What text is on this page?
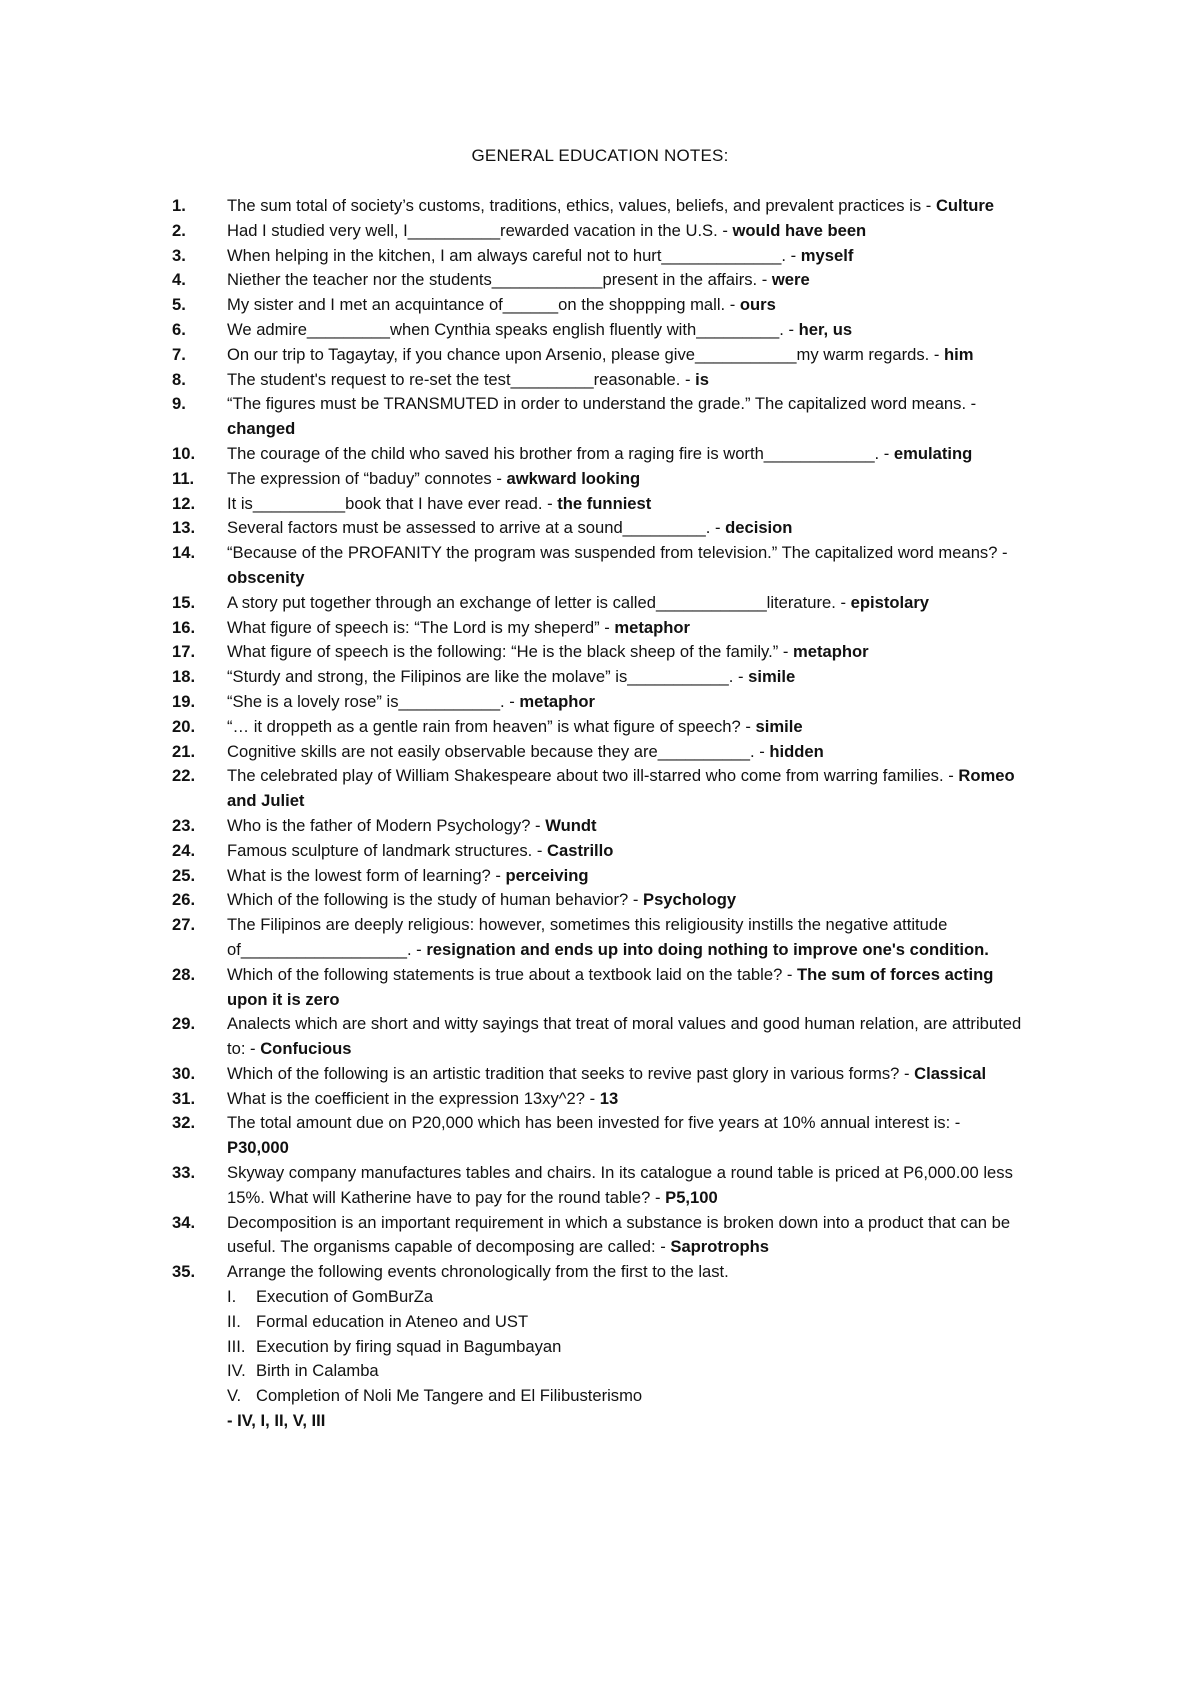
GENERAL EDUCATION NOTES:
1.	The sum total of society’s customs, traditions, ethics, values, beliefs, and prevalent practices is - Culture
2.	Had I studied very well, I__________rewarded vacation in the U.S. - would have been
3.	When helping in the kitchen, I am always careful not to hurt_____________. - myself
4.	Niether the teacher nor the students____________present in the affairs. - were
5.	My sister and I met an acquintance of______on the shoppping mall. - ours
6.	We admire_________when Cynthia speaks english fluently with_________. - her, us
7.	On our trip to Tagaytay, if you chance upon Arsenio, please give___________my warm regards. - him
8.	The student's request to re-set the test_________reasonable. - is
9.	“The figures must be TRANSMUTED in order to understand the grade.” The capitalized word means. - changed
10.	The courage of the child who saved his brother from a raging fire is worth____________. - emulating
11.	The expression of “baduy” connotes - awkward looking
12.	It is__________book that I have ever read. - the funniest
13.	Several factors must be assessed to arrive at a sound_________. - decision
14.	“Because of the PROFANITY the program was suspended from television.” The capitalized word means? - obscenity
15.	A story put together through an exchange of letter is called____________literature. - epistolary
16.	What figure of speech is: “The Lord is my sheperd” - metaphor
17.	What figure of speech is the following: “He is the black sheep of the family.” - metaphor
18.	“Sturdy and strong, the Filipinos are like the molave” is___________. - simile
19.	“She is a lovely rose” is___________. - metaphor
20.	“… it droppeth as a gentle rain from heaven” is what figure of speech? - simile
21.	Cognitive skills are not easily observable because they are__________. - hidden
22.	The celebrated play of William Shakespeare about two ill-starred who come from warring families. - Romeo and Juliet
23.	Who is the father of Modern Psychology? - Wundt
24.	Famous sculpture of landmark structures. - Castrillo
25.	What is the lowest form of learning? - perceiving
26.	Which of the following is the study of human behavior? - Psychology
27.	The Filipinos are deeply religious: however, sometimes this religiousity instills the negative attitude of__________________. - resignation and ends up into doing nothing to improve one's condition.
28.	Which of the following statements is true about a textbook laid on the table? - The sum of forces acting upon it is zero
29.	Analects which are short and witty sayings that treat of moral values and good human relation, are attributed to: - Confucious
30.	Which of the following is an artistic tradition that seeks to revive past glory in various forms? - Classical
31.	What is the coefficient in the expression 13xy^2? - 13
32.	The total amount due on P20,000 which has been invested for five years at 10% annual interest is: - P30,000
33.	Skyway company manufactures tables and chairs. In its catalogue a round table is priced at P6,000.00 less 15%. What will Katherine have to pay for the round table? - P5,100
34.	Decomposition is an important requirement in which a substance is broken down into a product that can be useful. The organisms capable of decomposing are called: - Saprotrophs
35.	Arrange the following events chronologically from the first to the last.
I. Execution of GomBurZa
II. Formal education in Ateneo and UST
III. Execution by firing squad in Bagumbayan
IV. Birth in Calamba
V. Completion of Noli Me Tangere and El Filibusterismo
- IV, I, II, V, III
